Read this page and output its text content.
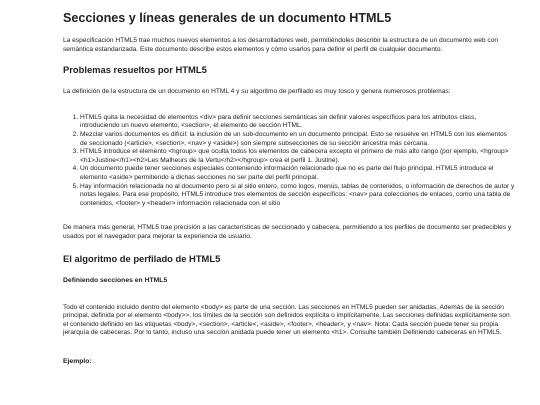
Secciones y líneas generales de un documento HTML5

La especificación HTML5 trae muchos nuevos elementos a los desarrolladores web, permitiéndoles describir la estructura de un documento web con semántica estandarizada. Este documento describe estos elementos y cómo usarlos para definir el perfil de cualquier documento.

Problemas resueltos por HTML5

La definición de la estructura de un documento en HTML 4 y su algoritmo de perfilado es muy tosco y genera numerosos problemas:

1. HTML5 quita la necesidad de elementos <div> para definir secciones semánticas sin definir valores específicos para los atributos class, introduciendo un nuevo elemento, <section>, el elemento de sección HTML.
2. Mezclar varios documentos es difícil: la inclusión de un sub-documento en un documento principal. Esto se resuelve en HTML5 con los elementos de seccionado (<article>, <section>, <nav> y <aside>) son siempre subsecciones de su sección ancestra más cercana.
3. HTML5 introduce el elemento <hgroup> que oculta todos los elementos de cabecera excepto el primero de más alto rango (por ejemplo, <hgroup><h1>Justine</h1><h2>Les Malheurs de la Vertu</h2></hgroup> crea el perfil 1. Justine).
4. Un documento puede tener secciones especiales conteniendo información relacionado que no es parte del flujo principal. HTML5 introduce el elemento <aside> permitiendo a dichas secciones no ser parte del perfil principal.
5. Hay información relacionada no al documento pero si al sitio entero, como logos, menús, tablas de contenidos, o información de derechos de autor y notas legales. Para ese propósito, HTML5 introduce tres elementos de sección específicos: <nav> para colecciones de enlaces, como una tabla de contenidos, <footer> y <header> información relacionada con el sitio

De manera más general, HTML5 trae precisión a las características de seccionado y cabecera, permitiendo a los perfiles de documento ser predecibles y usados por el navegador para mejorar la experiencia de usuario.

El algoritmo de perfilado de HTML5
Definiendo secciones en HTML5

Todo el contenido incluido dentro del elemento <body> es parte de una sección. Las secciones en HTML5 pueden ser anidadas. Además de la sección principal, definida por el elemento <body>>, los límites de la sección son definidos explícita o implícitamente. Las secciones definidas explícitamente son el contenido definido en las etiquetas <body>, <section>, <article<, <aside>, <footer>, <header>, y <nav>. Nota: Cada sección puede tener su propia jerarquía de cabeceras. Por lo tanto, incluso una sección anidada puede tener un elemento <h1>. Consulte también Definiendo cabeceras en HTML5.

Ejemplo:
